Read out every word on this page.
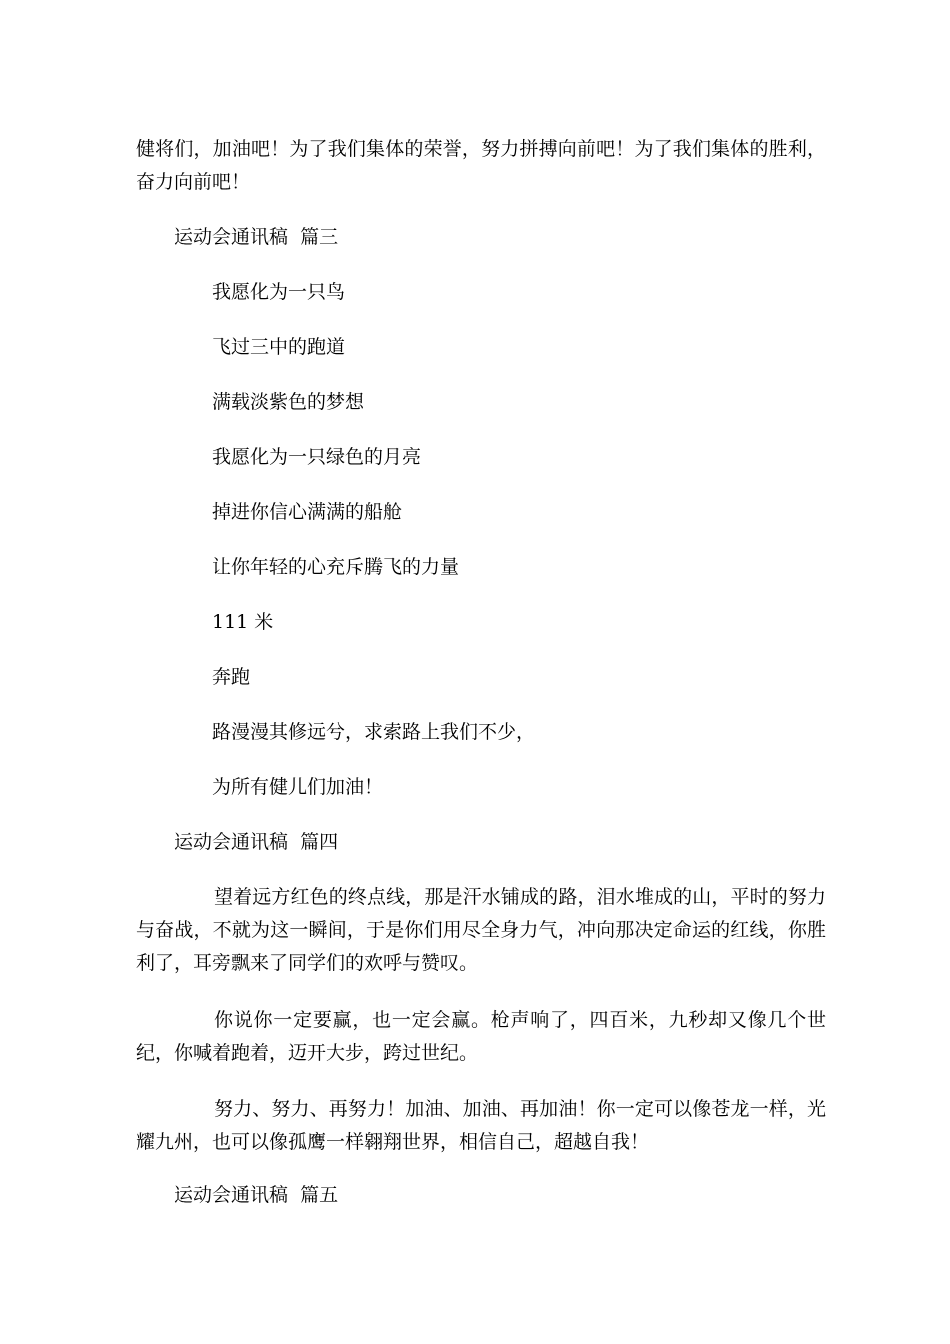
健将们，加油吧！为了我们集体的荣誉，努力拼搏向前吧！为了我们集体的胜利，奋力向前吧！

运动会通讯稿  篇三

我愿化为一只鸟

飞过三中的跑道

满载淡紫色的梦想

我愿化为一只绿色的月亮

掉进你信心满满的船舱

让你年轻的心充斥腾飞的力量

111 米

奔跑

路漫漫其修远兮，求索路上我们不少，

为所有健儿们加油！

运动会通讯稿  篇四

望着远方红色的终点线，那是汗水铺成的路，泪水堆成的山，平时的努力与奋战，不就为这一瞬间，于是你们用尽全身力气，冲向那决定命运的红线，你胜利了，耳旁飘来了同学们的欢呼与赞叹。

你说你一定要赢，也一定会赢。枪声响了，四百米，九秒却又像几个世纪，你喊着跑着，迈开大步，跨过世纪。

努力、努力、再努力！加油、加油、再加油！你一定可以像苍龙一样，光耀九州，也可以像孤鹰一样翱翔世界，相信自己，超越自我！

运动会通讯稿  篇五
